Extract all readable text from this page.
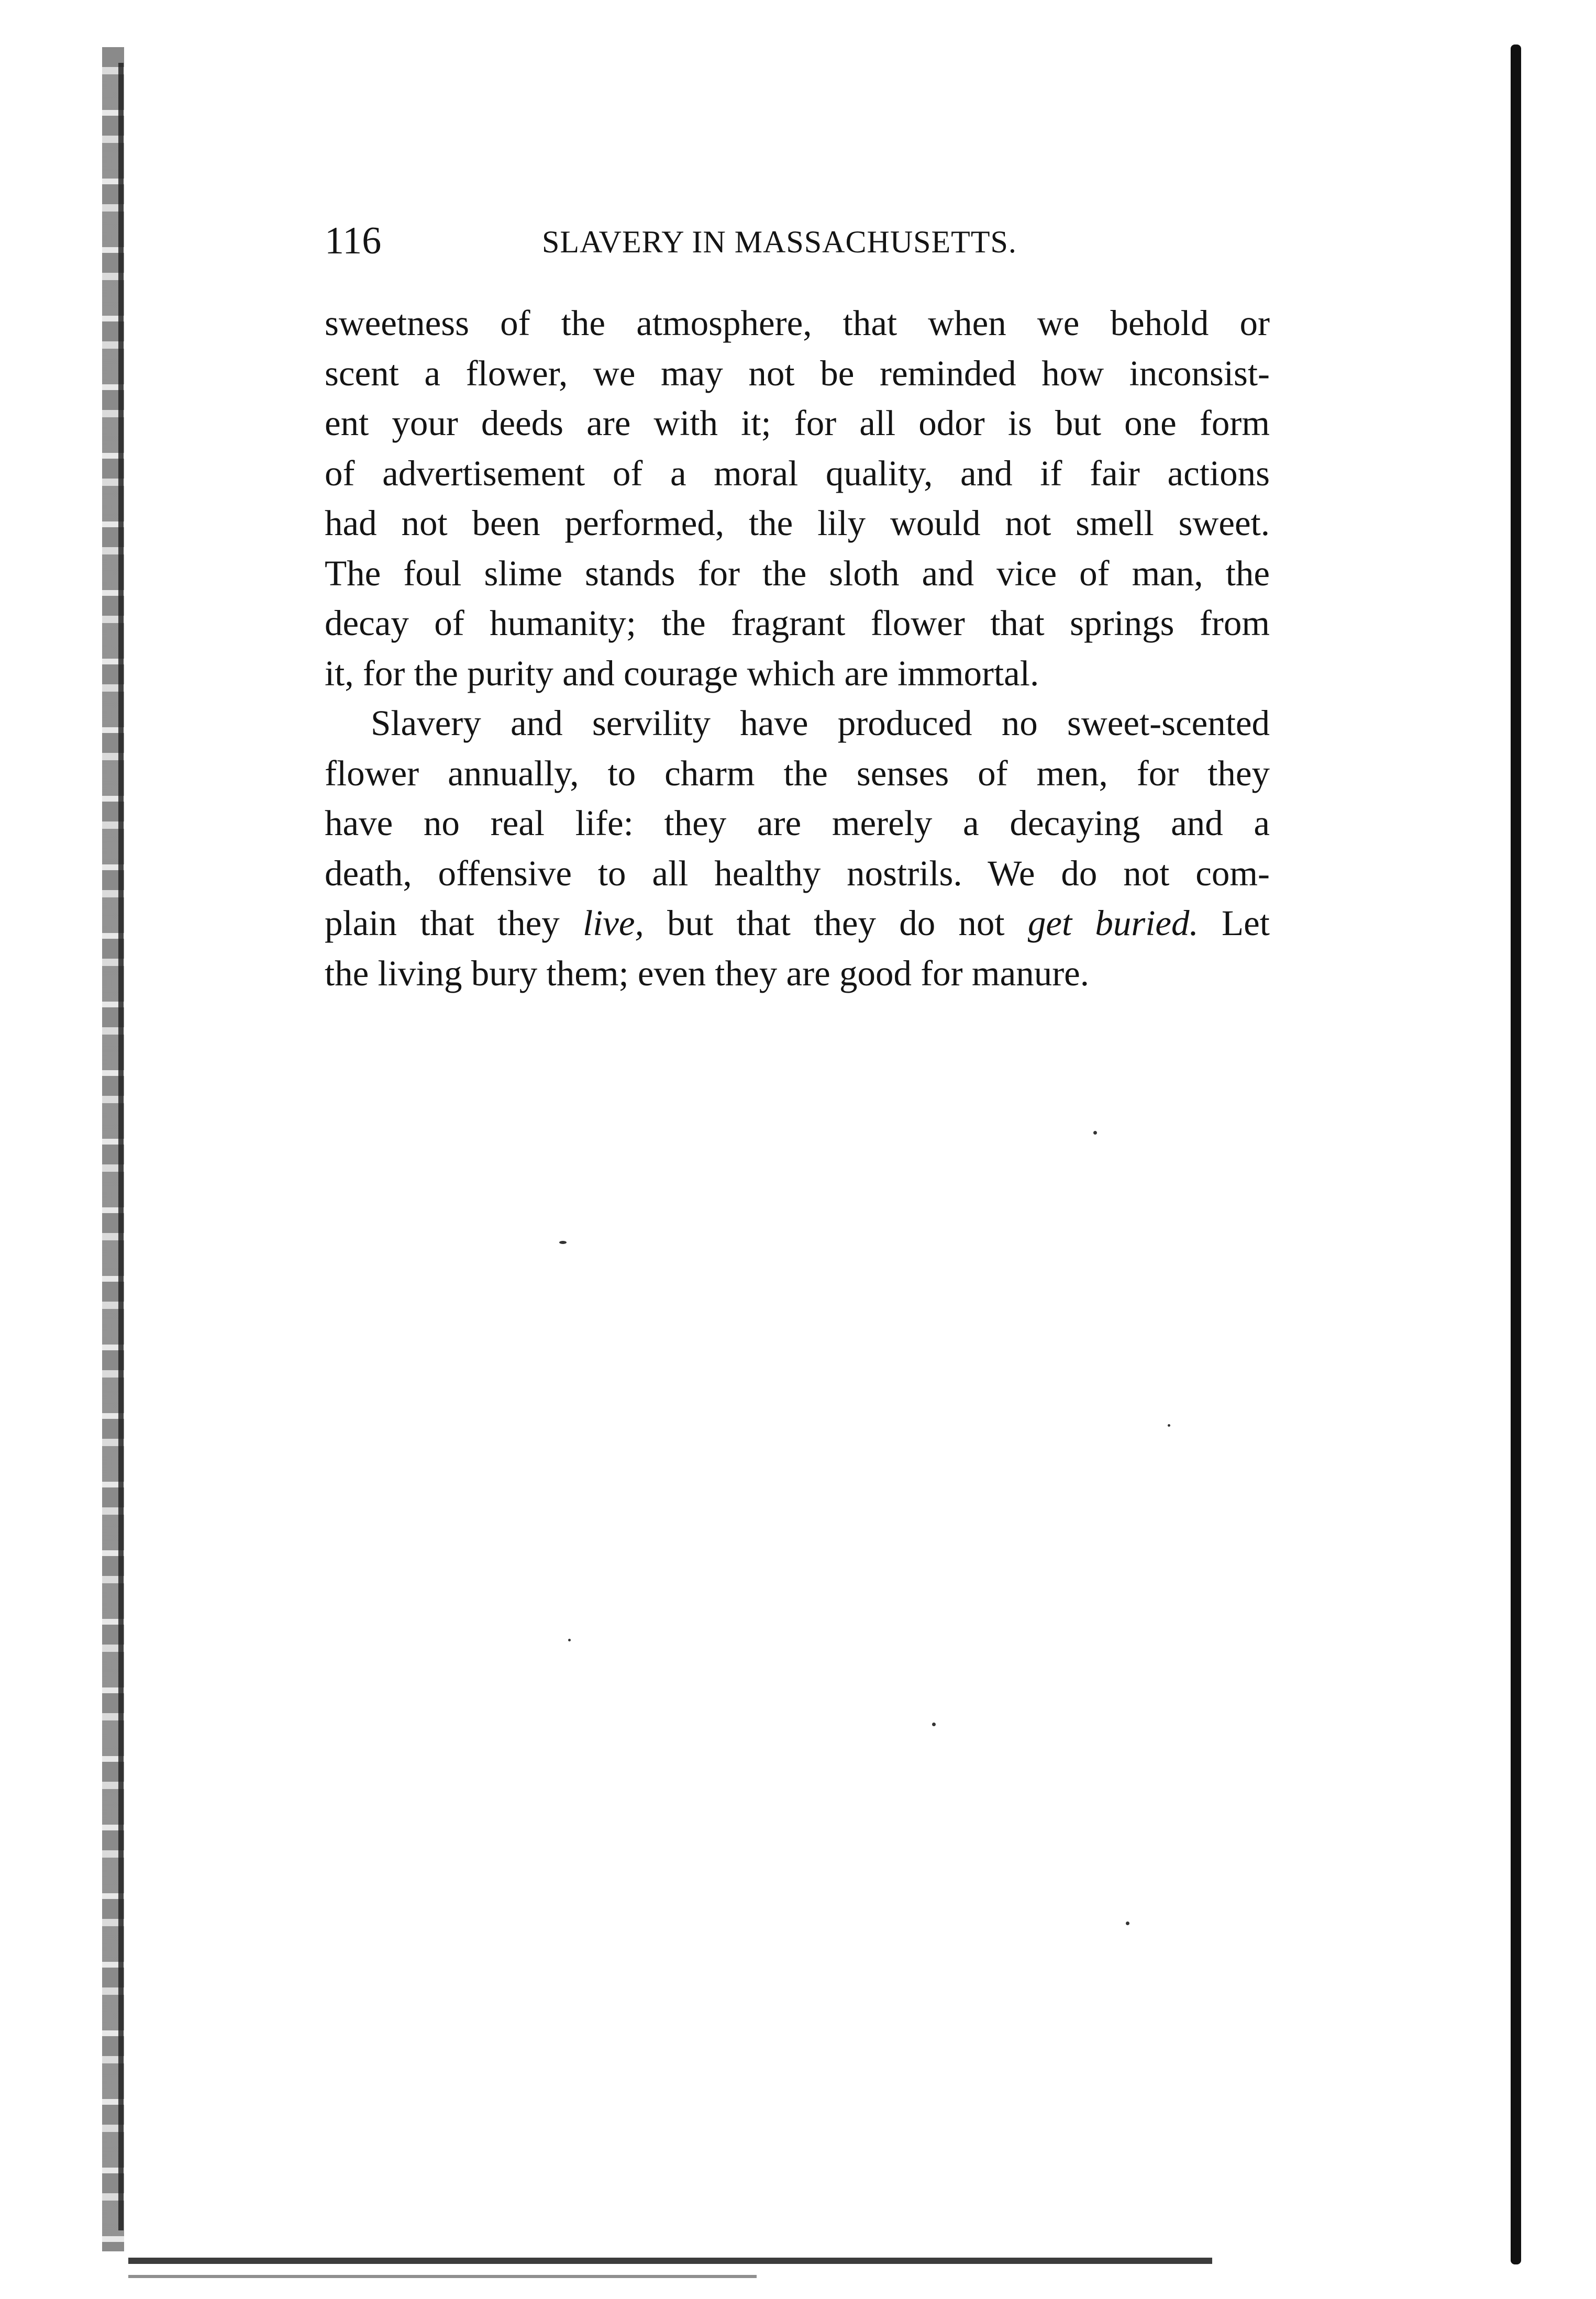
116	SLAVERY IN MASSACHUSETTS.
sweetness of the atmosphere, that when we behold or
scent a flower, we may not be reminded how inconsist-
ent your deeds are with it; for all odor is but one form
of advertisement of a moral quality, and if fair actions
had not been performed, the lily would not smell sweet.
The foul slime stands for the sloth and vice of man, the
decay of humanity; the fragrant flower that springs from
it, for the purity and courage which are immortal.
Slavery and servility have produced no sweet-scented
flower annually, to charm the senses of men, for they
have no real life: they are merely a decaying and a
death, offensive to all healthy nostrils. We do not com-
plain that they live, but that they do not get buried. Let
the living bury them; even they are good for manure.
